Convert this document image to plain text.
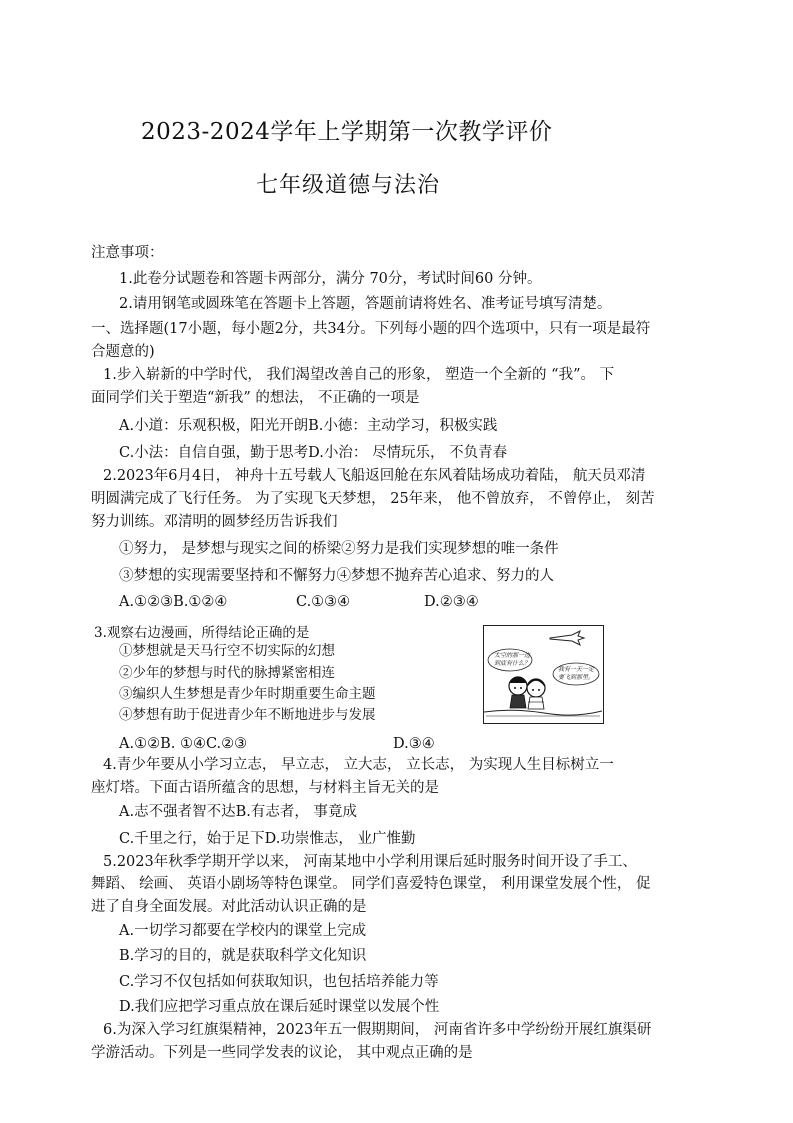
2023-2024学年上学期第一次教学评价
七年级道德与法治
注意事项：
1.此卷分试题卷和答题卡两部分，满分 70分，考试时间60 分钟。
2.请用钢笔或圆珠笔在答题卡上答题，答题前请将姓名、准考证号填写清楚。
一、选择题(17小题，每小题2分，共34分。下列每小题的四个选项中，只有一项是最符
合题意的)
1.步入崭新的中学时代， 我们渴望改善自己的形象， 塑造一个全新的 “我”。 下
面同学们关于塑造“新我” 的想法， 不正确的一项是
A.小道：乐观积极，阳光开朗B.小德：主动学习，积极实践
C.小法：自信自强，勤于思考D.小治： 尽情玩乐， 不负青春
2.2023年6月4日， 神舟十五号载人飞船返回舱在东风着陆场成功着陆， 航天员邓清
明圆满完成了飞行任务。 为了实现飞天梦想， 25年来， 他不曾放弃， 不曾停止， 刻苦
努力训练。邓清明的圆梦经历告诉我们
①努力， 是梦想与现实之间的桥梁②努力是我们实现梦想的唯一条件
③梦想的实现需要坚持和不懈努力④梦想不抛弃苦心追求、努力的人
A.①②③B.①②④	C.①③④	D.②③④
3.观察右边漫画，所得结论正确的是
①梦想就是天马行空不切实际的幻想
②少年的梦想与时代的脉搏紧密相连
③编织人生梦想是青少年时期重要生命主题
④梦想有助于促进青少年不断地进步与发展
太空的那一边
到底有什么？
我有一天一定
要飞到那里。
A.①②B. ①④C.②③	D.③④
4.青少年要从小学习立志， 早立志， 立大志， 立长志， 为实现人生目标树立一
座灯塔。下面古语所蕴含的思想，与材料主旨无关的是
A.志不强者智不达B.有志者， 事竟成
C.千里之行，始于足下D.功崇惟志， 业广惟勤
5.2023年秋季学期开学以来， 河南某地中小学利用课后延时服务时间开设了手工、
舞蹈、 绘画、 英语小剧场等特色课堂。 同学们喜爱特色课堂， 利用课堂发展个性， 促
进了自身全面发展。对此活动认识正确的是
A.一切学习都要在学校内的课堂上完成
B.学习的目的，就是获取科学文化知识
C.学习不仅包括如何获取知识，也包括培养能力等
D.我们应把学习重点放在课后延时课堂以发展个性
6.为深入学习红旗渠精神，2023年五一假期期间， 河南省许多中学纷纷开展红旗渠研
学游活动。下列是一些同学发表的议论， 其中观点正确的是
